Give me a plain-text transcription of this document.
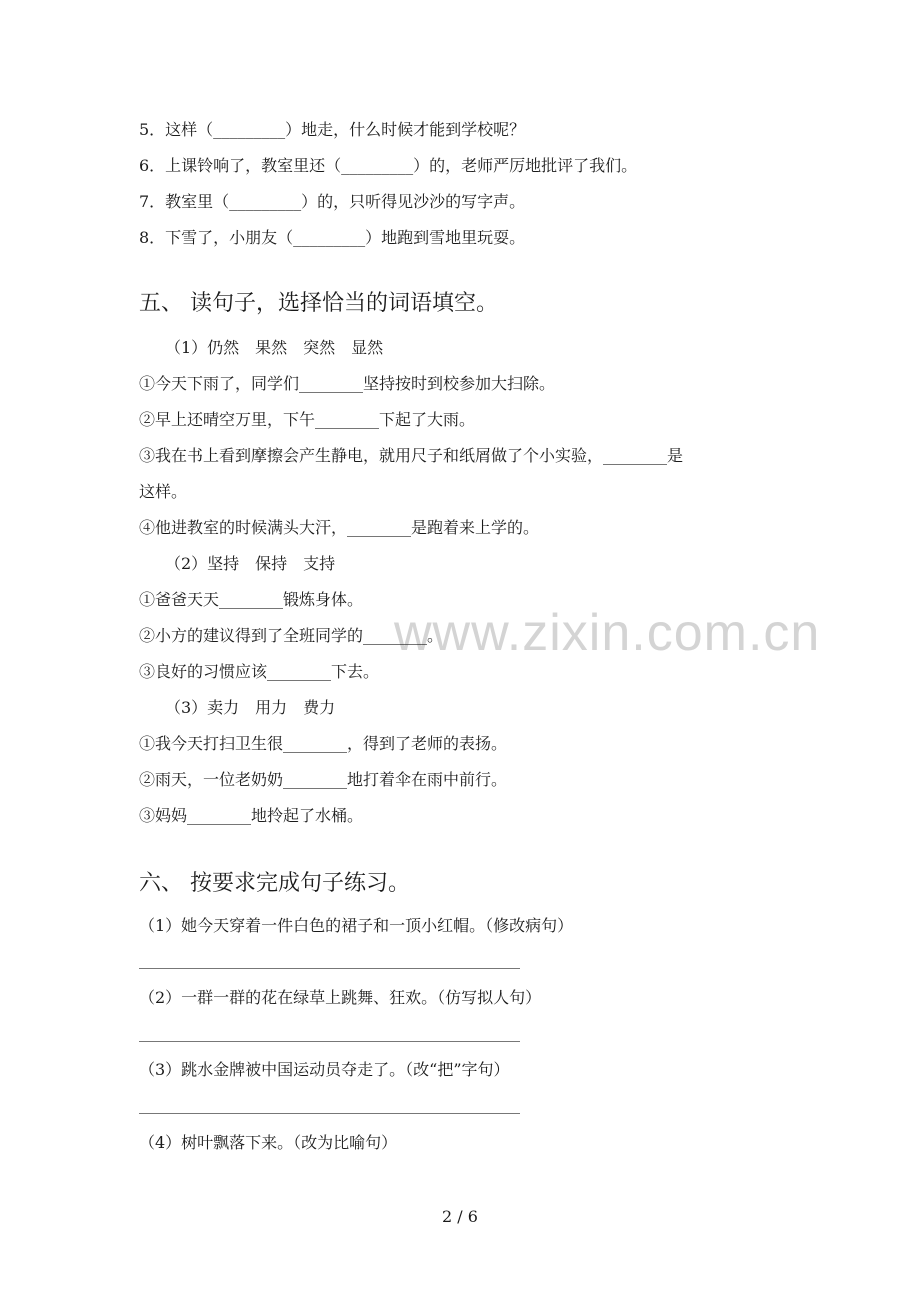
www.zixin.com.cn
5．这样（_________）地走，什么时候才能到学校呢？
6．上课铃响了，教室里还（_________）的，老师严厉地批评了我们。
7．教室里（_________）的，只听得见沙沙的写字声。
8．下雪了，小朋友（_________）地跑到雪地里玩耍。
五、 读句子，选择恰当的词语填空。
（1）仍然　果然　突然　显然
①今天下雨了，同学们________坚持按时到校参加大扫除。
②早上还晴空万里，下午________下起了大雨。
③我在书上看到摩擦会产生静电，就用尺子和纸屑做了个小实验，________是
这样。
④他进教室的时候满头大汗，________是跑着来上学的。
（2）坚持　保持　支持
①爸爸天天________锻炼身体。
②小方的建议得到了全班同学的________。
③良好的习惯应该________下去。
（3）卖力　用力　费力
①我今天打扫卫生很________，得到了老师的表扬。
②雨天，一位老奶奶________地打着伞在雨中前行。
③妈妈________地拎起了水桶。
六、 按要求完成句子练习。
（1）她今天穿着一件白色的裙子和一顶小红帽。（修改病句）
（2）一群一群的花在绿草上跳舞、狂欢。（仿写拟人句）
（3）跳水金牌被中国运动员夺走了。（改“把”字句）
（4）树叶飘落下来。（改为比喻句）
2 / 6
